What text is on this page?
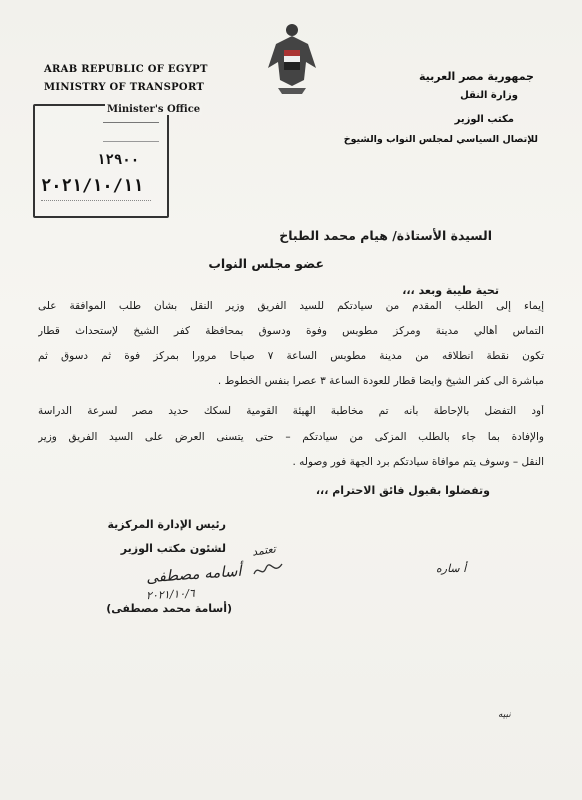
ARAB REPUBLIC OF EGYPT
MINISTRY OF TRANSPORT
جمهورية مصر العربية
وزارة النقل
مكتب الوزير
للإتصال السياسي لمجلس النواب والشيوخ
Minister's Office
١٢٩٠٠
٢٠٢١/١٠/١١
السيدة الأستاذة/ هيام محمد الطباخ
عضو مجلس النواب
تحية طيبة وبعد ،،،
إيماء إلى الطلب المقدم من سيادتكم للسيد الفريق وزير النقل بشأن طلب الموافقة على
التماس أهالي مدينة ومركز مطوبس وفوة ودسوق بمحافظة كفر الشيخ لإستحداث قطار
تكون نقطة انطلاقه من مدينة مطوبس الساعة ٧ صباحا مرورا بمركز فوة ثم دسوق ثم
مباشرة الى كفر الشيخ وايضا قطار للعودة الساعة ٣ عصرا بنفس الخطوط .
أود التفضل بالإحاطة بأنه تم مخاطبة الهيئة القومية لسكك حديد مصر لسرعة الدراسة
والإفادة بما جاء بالطلب المزكى من سيادتكم – حتى يتسنى العرض على السيد الفريق وزير
النقل – وسوف يتم موافاة سيادتكم برد الجهة فور وصوله .
وتفضلوا بقبول فائق الاحترام ،،،
رئيس الإدارة المركزية
لشئون مكتب الوزير
أسامه مصطفى
٢٠٢١/١٠/٦
(أسامة محمد مصطفى)
تعتمد
أ ساره
نبيه
